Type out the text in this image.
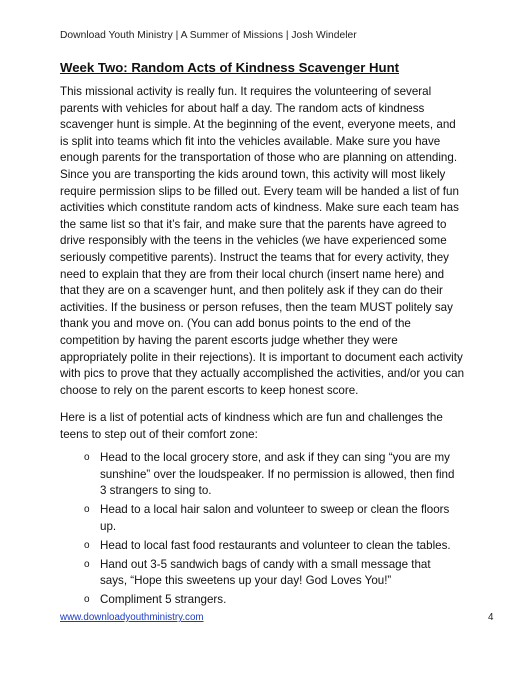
Download Youth Ministry | A Summer of Missions | Josh Windeler
Week Two: Random Acts of Kindness Scavenger Hunt

This missional activity is really fun. It requires the volunteering of several parents with vehicles for about half a day. The random acts of kindness scavenger hunt is simple. At the beginning of the event, everyone meets, and is split into teams which fit into the vehicles available. Make sure you have enough parents for the transportation of those who are planning on attending. Since you are transporting the kids around town, this activity will most likely require permission slips to be filled out. Every team will be handed a list of fun activities which constitute random acts of kindness. Make sure each team has the same list so that it’s fair, and make sure that the parents have agreed to drive responsibly with the teens in the vehicles (we have experienced some seriously competitive parents). Instruct the teams that for every activity, they need to explain that they are from their local church (insert name here) and that they are on a scavenger hunt, and then politely ask if they can do their activities. If the business or person refuses, then the team MUST politely say thank you and move on. (You can add bonus points to the end of the competition by having the parent escorts judge whether they were appropriately polite in their rejections). It is important to document each activity with pics to prove that they actually accomplished the activities, and/or you can choose to rely on the parent escorts to keep honest score.

Here is a list of potential acts of kindness which are fun and challenges the teens to step out of their comfort zone:

o Head to the local grocery store, and ask if they can sing “you are my sunshine” over the loudspeaker. If no permission is allowed, then find 3 strangers to sing to.
o Head to a local hair salon and volunteer to sweep or clean the floors up.
o Head to local fast food restaurants and volunteer to clean the tables.
o Hand out 3-5 sandwich bags of candy with a small message that says, “Hope this sweetens up your day! God Loves You!”
o Compliment 5 strangers.
www.downloadyouthministry.com	4
